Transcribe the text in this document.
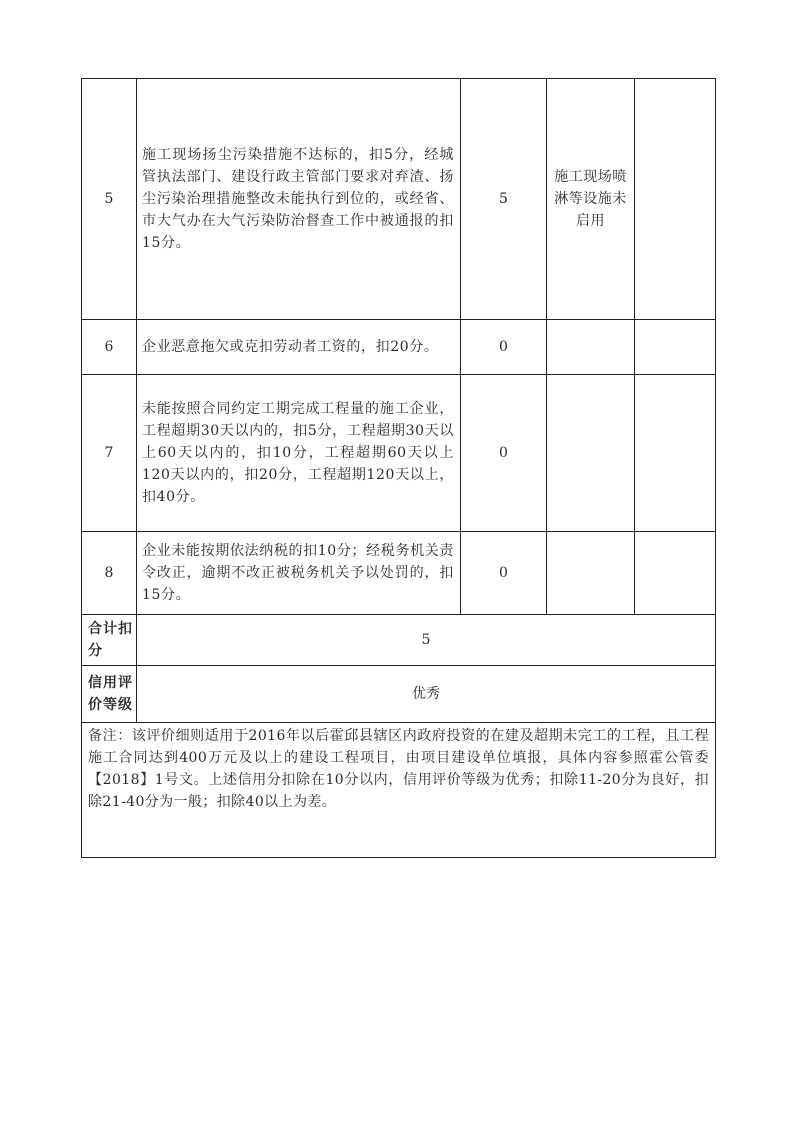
5	施工现场扬尘污染措施不达标的，扣5分，经城管执法部门、建设行政主管部门要求对弃渣、扬尘污染治理措施整改未能执行到位的，或经省、市大气办在大气污染防治督查工作中被通报的扣15分。	5	施工现场喷淋等设施未启用	
6	企业恶意拖欠或克扣劳动者工资的，扣20分。	0		
7	未能按照合同约定工期完成工程量的施工企业，工程超期30天以内的，扣5分，工程超期30天以上60天以内的，扣10分，工程超期60天以上120天以内的，扣20分，工程超期120天以上，扣40分。	0		
8	企业未能按期依法纳税的扣10分；经税务机关责令改正，逾期不改正被税务机关予以处罚的，扣15分。	0		
合计扣分	5			
信用评价等级	优秀			
备注：该评价细则适用于2016年以后霍邱县辖区内政府投资的在建及超期未完工的工程，且工程施工合同达到400万元及以上的建设工程项目，由项目建设单位填报，具体内容参照霍公管委【2018】1号文。上述信用分扣除在10分以内，信用评价等级为优秀；扣除11-20分为良好，扣除21-40分为一般；扣除40以上为差。				
